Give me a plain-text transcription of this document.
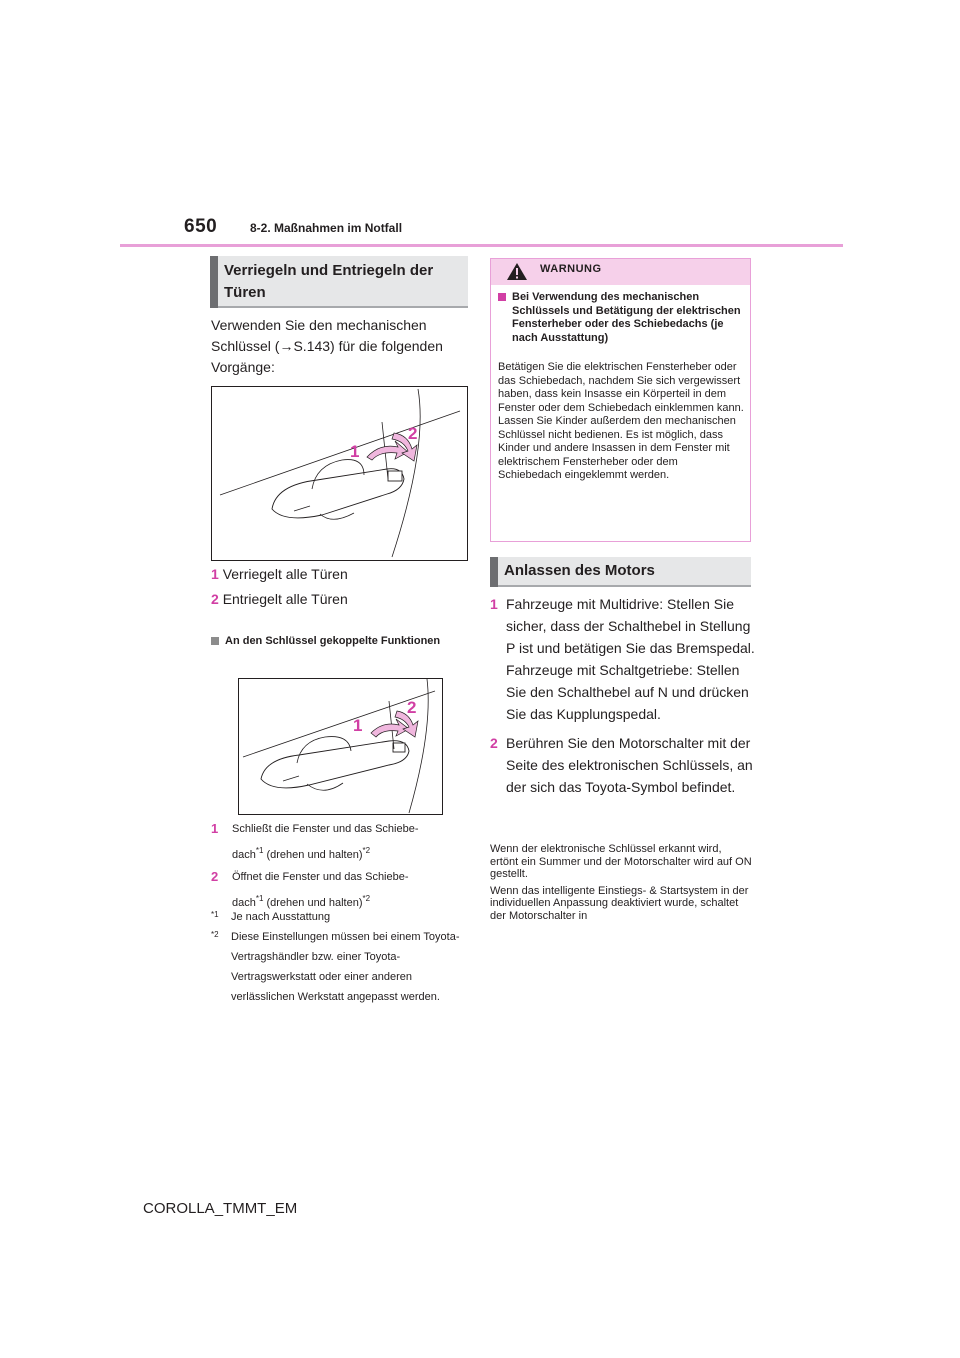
650	8-2. Maßnahmen im Notfall
Verriegeln und Entriegeln der Türen
Verwenden Sie den mechanischen Schlüssel (→S.143) für die folgenden Vorgänge:
1
2
1 Verriegelt alle Türen
2 Entriegelt alle Türen
An den Schlüssel gekoppelte Funktionen
1
2
1 Schließt die Fenster und das Schiebe-
dach$^{*1}$ (drehen und halten)$^{*2}$
2 Öffnet die Fenster und das Schiebe-
dach$^{*1}$ (drehen und halten)$^{*2}$
*1 Je nach Ausstattung
*2 Diese Einstellungen müssen bei einem Toyota-Vertragshändler bzw. einer Toyota-Vertragswerkstatt oder einer anderen verlässlichen Werkstatt angepasst werden.
WARNUNG
Bei Verwendung des mechanischen Schlüssels und Betätigung der elektrischen Fensterheber oder des Schiebedachs (je nach Ausstattung)
Betätigen Sie die elektrischen Fensterheber oder das Schiebedach, nachdem Sie sich vergewissert haben, dass kein Insasse ein Körperteil in dem Fenster oder dem Schiebedach einklemmen kann. Lassen Sie Kinder außerdem den mechanischen Schlüssel nicht bedienen. Es ist möglich, dass Kinder und andere Insassen in dem Fenster mit elektrischem Fensterheber oder dem Schiebedach eingeklemmt werden.
Anlassen des Motors
1 Fahrzeuge mit Multidrive: Stellen Sie sicher, dass der Schalthebel in Stellung P ist und betätigen Sie das Bremspedal.
Fahrzeuge mit Schaltgetriebe: Stellen Sie den Schalthebel auf N und drücken Sie das Kupplungspedal.
2 Berühren Sie den Motorschalter mit der Seite des elektronischen Schlüssels, an der sich das Toyota-Symbol befindet.

Wenn der elektronische Schlüssel erkannt wird, ertönt ein Summer und der Motorschalter wird auf ON gestellt.

Wenn das intelligente Einstiegs- & Startsystem in der individuellen Anpassung deaktiviert wurde, schaltet der Motorschalter in

COROLLA_TMMT_EM
